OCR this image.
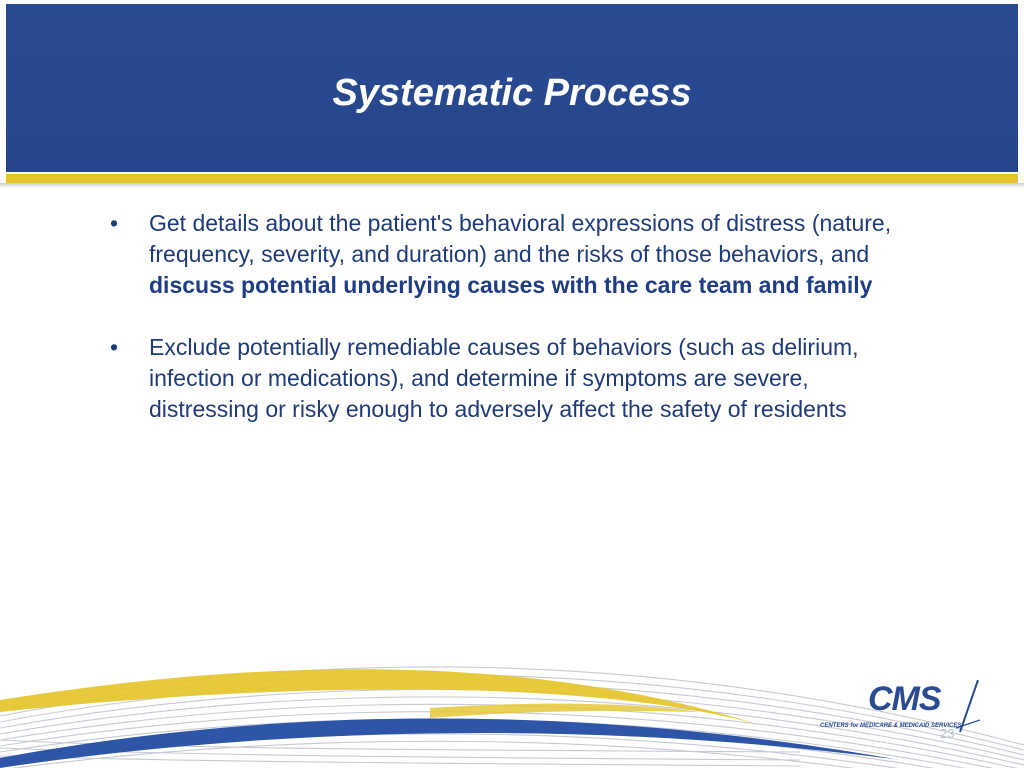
Systematic Process

• Get details about the patient's behavioral expressions of distress (nature, frequency, severity, and duration) and the risks of those behaviors, and discuss potential underlying causes with the care team and family

• Exclude potentially remediable causes of behaviors (such as delirium, infection or medications), and determine if symptoms are severe, distressing or risky enough to adversely affect the safety of residents

CMS
CENTERS for MEDICARE & MEDICAID SERVICES
23
